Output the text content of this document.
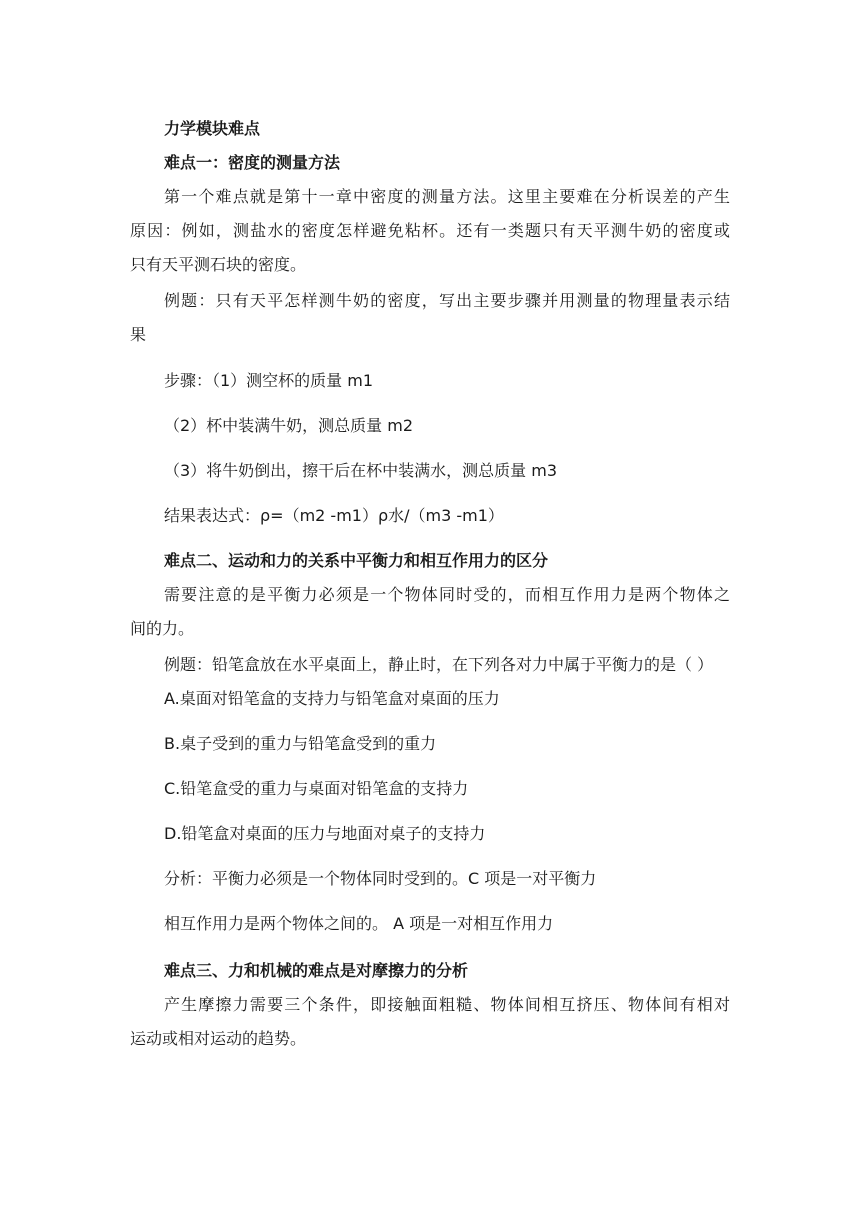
力学模块难点
难点一：密度的测量方法
第一个难点就是第十一章中密度的测量方法。这里主要难在分析误差的产生
原因：例如，测盐水的密度怎样避免粘杯。还有一类题只有天平测牛奶的密度或
只有天平测石块的密度。
例题：只有天平怎样测牛奶的密度，写出主要步骤并用测量的物理量表示结
果
步骤：（1）测空杯的质量 m1
（2）杯中装满牛奶，测总质量 m2
（3）将牛奶倒出，擦干后在杯中装满水，测总质量 m3
结果表达式：ρ=（m2 -m1）ρ水/（m3 -m1）
难点二、运动和力的关系中平衡力和相互作用力的区分
需要注意的是平衡力必须是一个物体同时受的，而相互作用力是两个物体之
间的力。
例题：铅笔盒放在水平桌面上，静止时，在下列各对力中属于平衡力的是（ ）
A.桌面对铅笔盒的支持力与铅笔盒对桌面的压力
B.桌子受到的重力与铅笔盒受到的重力
C.铅笔盒受的重力与桌面对铅笔盒的支持力
D.铅笔盒对桌面的压力与地面对桌子的支持力
分析：平衡力必须是一个物体同时受到的。C 项是一对平衡力
相互作用力是两个物体之间的。 A 项是一对相互作用力
难点三、力和机械的难点是对摩擦力的分析
产生摩擦力需要三个条件，即接触面粗糙、物体间相互挤压、物体间有相对
运动或相对运动的趋势。
